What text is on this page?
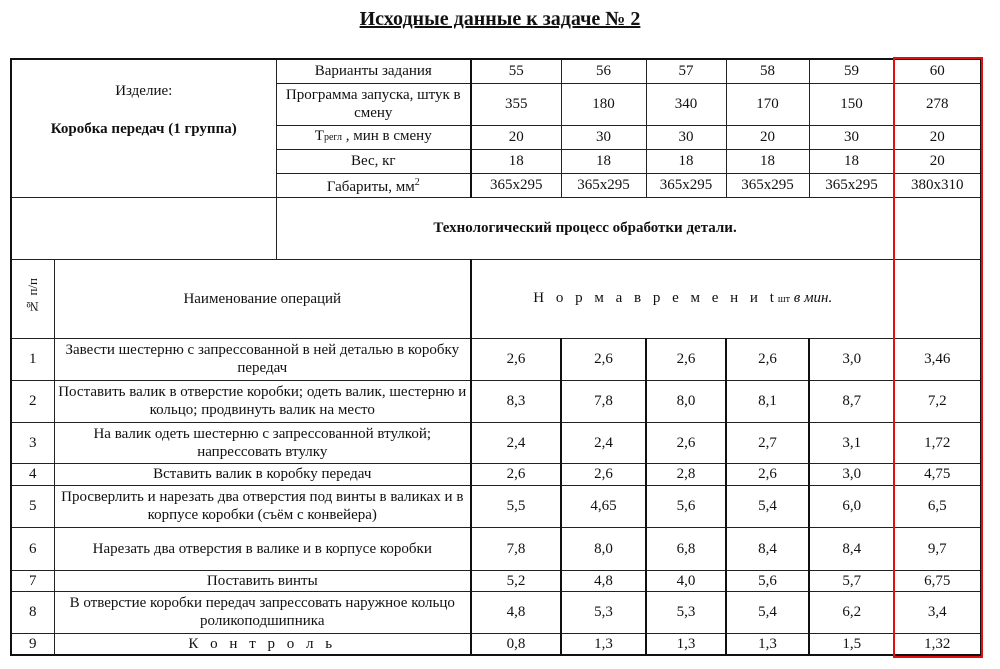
Исходные данные к задаче № 2
Изделие:
Коробка передач (1 группа)		Варианты задания	55	56	57	58	59	60
		Программа запуска, штук в смену	355	180	340	170	150	278
		Трегл , мин в смену	20	30	30	20	30	20
		Вес, кг	18	18	18	18	18	20
		Габариты, $мм^2$	365x295	365x295	365x295	365x295	365x295	380x310
		Технологический процесс обработки детали.						
№ п/п	Наименование операций		Н о р м а в р е м е н и tшт в мин.					
1	Завести шестерню с запрессованной в ней деталью в коробку передач		2,6	2,6	2,6	2,6	3,0	3,46
2	Поставить валик в отверстие коробки; одеть валик, шестерню и кольцо; продвинуть валик на место		8,3	7,8	8,0	8,1	8,7	7,2
3	На валик одеть шестерню с запрессованной втулкой; напрессовать втулку		2,4	2,4	2,6	2,7	3,1	1,72
4	Вставить валик в коробку передач		2,6	2,6	2,8	2,6	3,0	4,75
5	Просверлить и нарезать два отверстия под винты в валиках и в корпусе коробки (съём с конвейера)		5,5	4,65	5,6	5,4	6,0	6,5
6	Нарезать два отверстия в валике и в корпусе коробки		7,8	8,0	6,8	8,4	8,4	9,7
7	Поставить винты		5,2	4,8	4,0	5,6	5,7	6,75
8	В отверстие коробки передач запрессовать наружное кольцо роликоподшипника		4,8	5,3	5,3	5,4	6,2	3,4
9	К о н т р о л ь		0,8	1,3	1,3	1,3	1,5	1,32
